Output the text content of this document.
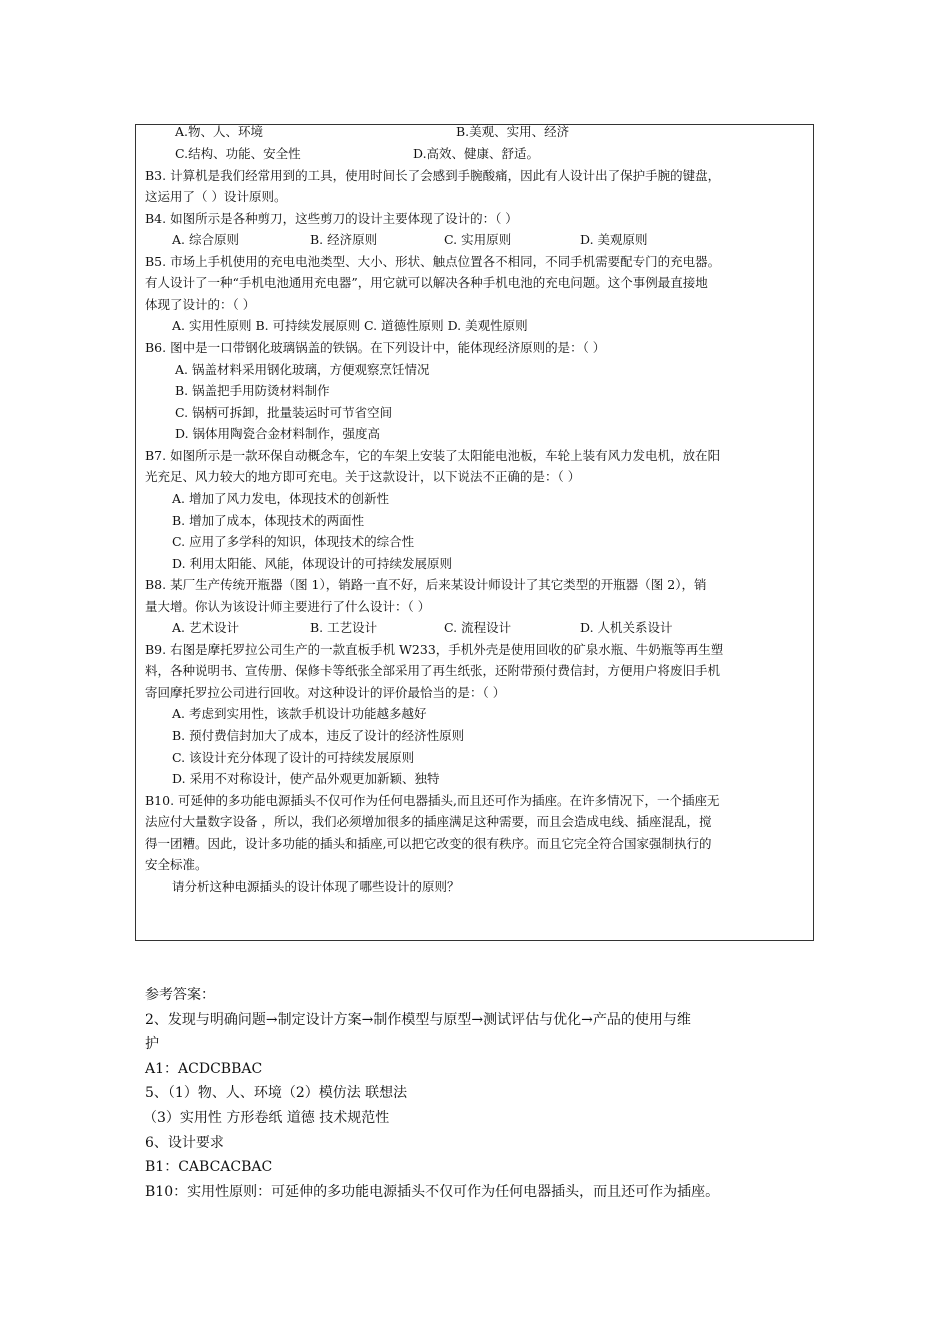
A.物、人、环境	B.美观、实用、经济
C.结构、功能、安全性	D.高效、健康、舒适。
B3. 计算机是我们经常用到的工具，使用时间长了会感到手腕酸痛，因此有人设计出了保护手腕的键盘，
这运用了（ ）设计原则。
B4. 如图所示是各种剪刀，这些剪刀的设计主要体现了设计的：（ ）
A. 综合原则	B. 经济原则	C. 实用原则	D. 美观原则
B5. 市场上手机使用的充电电池类型、大小、形状、触点位置各不相同，不同手机需要配专门的充电器。
有人设计了一种“手机电池通用充电器”，用它就可以解决各种手机电池的充电问题。这个事例最直接地
体现了设计的：（ ）
A. 实用性原则 B. 可持续发展原则 C. 道德性原则 D. 美观性原则
B6. 图中是一口带钢化玻璃锅盖的铁锅。在下列设计中，能体现经济原则的是：（ ）
A. 锅盖材料采用钢化玻璃，方便观察烹饪情况
B. 锅盖把手用防烫材料制作
C. 锅柄可拆卸，批量装运时可节省空间
D. 锅体用陶瓷合金材料制作，强度高
B7. 如图所示是一款环保自动概念车，它的车架上安装了太阳能电池板，车轮上装有风力发电机，放在阳
光充足、风力较大的地方即可充电。关于这款设计，以下说法不正确的是：（ ）
A. 增加了风力发电，体现技术的创新性
B. 增加了成本，体现技术的两面性
C. 应用了多学科的知识，体现技术的综合性
D. 利用太阳能、风能，体现设计的可持续发展原则
B8. 某厂生产传统开瓶器（图 1），销路一直不好，后来某设计师设计了其它类型的开瓶器（图 2），销
量大增。你认为该设计师主要进行了什么设计：（ ）
A. 艺术设计	B. 工艺设计	C. 流程设计	D. 人机关系设计
B9. 右图是摩托罗拉公司生产的一款直板手机 W233，手机外壳是使用回收的矿泉水瓶、牛奶瓶等再生塑
料，各种说明书、宣传册、保修卡等纸张全部采用了再生纸张，还附带预付费信封，方便用户将废旧手机
寄回摩托罗拉公司进行回收。对这种设计的评价最恰当的是：（ ）
A. 考虑到实用性，该款手机设计功能越多越好
B. 预付费信封加大了成本，违反了设计的经济性原则
C. 该设计充分体现了设计的可持续发展原则
D. 采用不对称设计，使产品外观更加新颖、独特
B10. 可延伸的多功能电源插头不仅可作为任何电器插头,而且还可作为插座。在许多情况下，一个插座无
法应付大量数字设备 ，所以，我们必须增加很多的插座满足这种需要，而且会造成电线、插座混乱，搅
得一团糟。因此，设计多功能的插头和插座,可以把它改变的很有秩序。而且它完全符合国家强制执行的
安全标准。
请分析这种电源插头的设计体现了哪些设计的原则？
参考答案：
2、发现与明确问题→制定设计方案→制作模型与原型→测试评估与优化→产品的使用与维
护
A1：ACDCBBAC
5、（1）物、人、环境（2）模仿法 联想法
（3）实用性 方形卷纸 道德 技术规范性
6、设计要求
B1：CABCACBAC
B10：实用性原则：可延伸的多功能电源插头不仅可作为任何电器插头，而且还可作为插座。
